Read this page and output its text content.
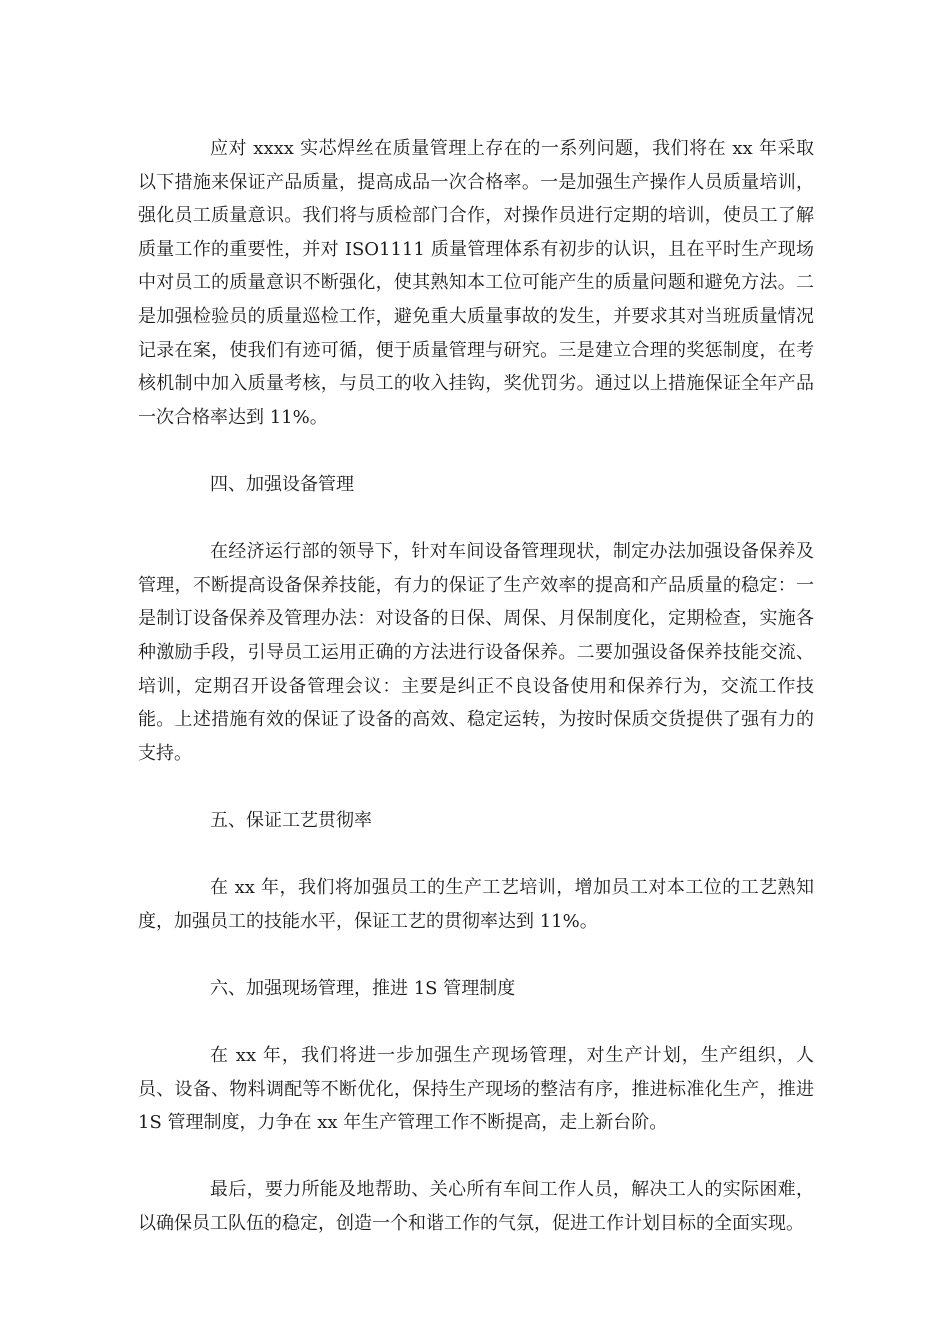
应对 xxxx 实芯焊丝在质量管理上存在的一系列问题，我们将在 xx 年采取以下措施来保证产品质量，提高成品一次合格率。一是加强生产操作人员质量培训，强化员工质量意识。我们将与质检部门合作，对操作员进行定期的培训，使员工了解质量工作的重要性，并对 ISO1111 质量管理体系有初步的认识，且在平时生产现场中对员工的质量意识不断强化，使其熟知本工位可能产生的质量问题和避免方法。二是加强检验员的质量巡检工作，避免重大质量事故的发生，并要求其对当班质量情况记录在案，使我们有迹可循，便于质量管理与研究。三是建立合理的奖惩制度，在考核机制中加入质量考核，与员工的收入挂钩，奖优罚劣。通过以上措施保证全年产品一次合格率达到 11%。

四、加强设备管理

在经济运行部的领导下，针对车间设备管理现状，制定办法加强设备保养及管理，不断提高设备保养技能，有力的保证了生产效率的提高和产品质量的稳定：一是制订设备保养及管理办法：对设备的日保、周保、月保制度化，定期检查，实施各种激励手段，引导员工运用正确的方法进行设备保养。二要加强设备保养技能交流、培训，定期召开设备管理会议：主要是纠正不良设备使用和保养行为，交流工作技能。上述措施有效的保证了设备的高效、稳定运转，为按时保质交货提供了强有力的支持。

五、保证工艺贯彻率

在 xx 年，我们将加强员工的生产工艺培训，增加员工对本工位的工艺熟知度，加强员工的技能水平，保证工艺的贯彻率达到 11%。

六、加强现场管理，推进 1S 管理制度

在 xx 年，我们将进一步加强生产现场管理，对生产计划，生产组织，人员、设备、物料调配等不断优化，保持生产现场的整洁有序，推进标准化生产，推进 1S 管理制度，力争在 xx 年生产管理工作不断提高，走上新台阶。

最后，要力所能及地帮助、关心所有车间工作人员，解决工人的实际困难，以确保员工队伍的稳定，创造一个和谐工作的气氛，促进工作计划目标的全面实现。
